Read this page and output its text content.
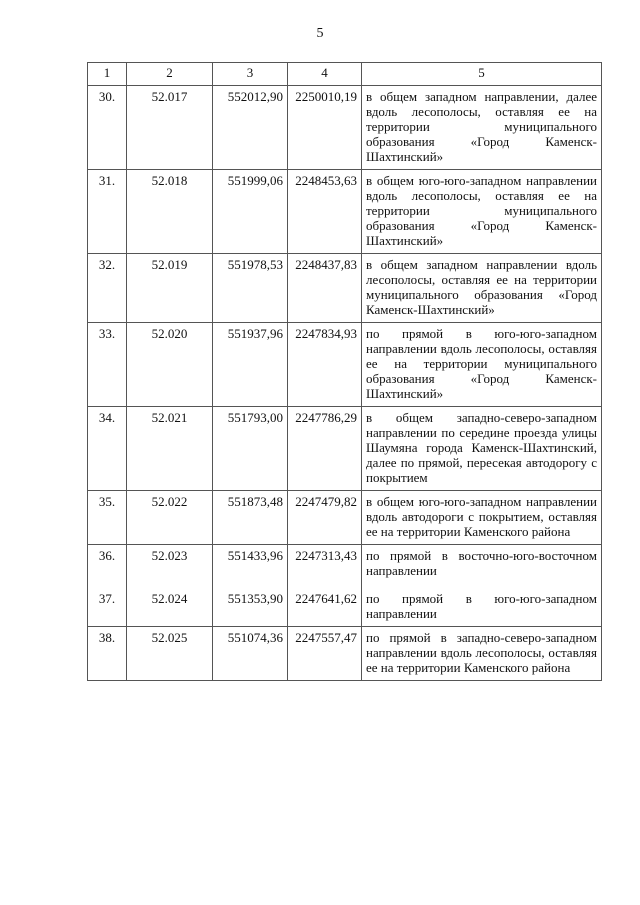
5
1	2	3	4	5
30.	52.017	552012,90	2250010,19	в общем западном направлении, далее вдоль лесополосы, оставляя ее на территории муниципального образования «Город Каменск-Шахтинский»
31.	52.018	551999,06	2248453,63	в общем юго-юго-западном направлении вдоль лесополосы, оставляя ее на территории муниципального образования «Город Каменск-Шахтинский»
32.	52.019	551978,53	2248437,83	в общем западном направлении вдоль лесополосы, оставляя ее на территории муниципального образования «Город Каменск-Шахтинский»
33.	52.020	551937,96	2247834,93	по прямой в юго-юго-западном направлении вдоль лесополосы, оставляя ее на территории муниципального образования «Город Каменск-Шахтинский»
34.	52.021	551793,00	2247786,29	в общем западно-северо-западном направлении по середине проезда улицы Шаумяна города Каменск-Шахтинский, далее по прямой, пересекая автодорогу с покрытием
35.	52.022	551873,48	2247479,82	в общем юго-юго-западном направлении вдоль автодороги с покрытием, оставляя ее на территории Каменского района
36.	52.023	551433,96	2247313,43	по прямой в восточно-юго-восточном направлении
37.	52.024	551353,90	2247641,62	по прямой в юго-юго-западном направлении
38.	52.025	551074,36	2247557,47	по прямой в западно-северо-западном направлении вдоль лесополосы, оставляя ее на территории Каменского района
